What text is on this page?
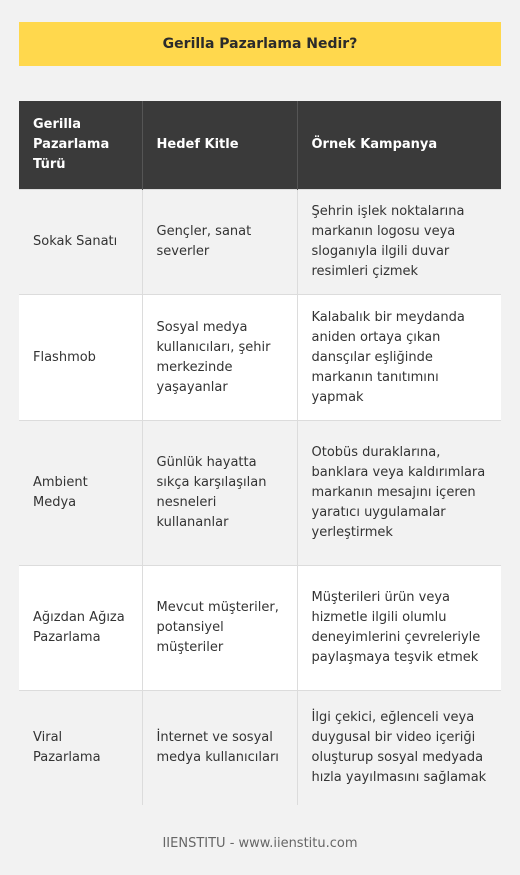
Gerilla Pazarlama Nedir?
Gerilla Pazarlama Türü	Hedef Kitle	Örnek Kampanya
Sokak Sanatı	Gençler, sanat severler	Şehrin işlek noktalarına markanın logosu veya sloganıyla ilgili duvar resimleri çizmek
Flashmob	Sosyal medya kullanıcıları, şehir merkezinde yaşayanlar	Kalabalık bir meydanda aniden ortaya çıkan dansçılar eşliğinde markanın tanıtımını yapmak
Ambient Medya	Günlük hayatta sıkça karşılaşılan nesneleri kullananlar	Otobüs duraklarına, banklara veya kaldırımlara markanın mesajını içeren yaratıcı uygulamalar yerleştirmek
Ağızdan Ağıza Pazarlama	Mevcut müşteriler, potansiyel müşteriler	Müşterileri ürün veya hizmetle ilgili olumlu deneyimlerini çevreleriyle paylaşmaya teşvik etmek
Viral Pazarlama	İnternet ve sosyal medya kullanıcıları	İlgi çekici, eğlenceli veya duygusal bir video içeriği oluşturup sosyal medyada hızla yayılmasını sağlamak
IIENSTITU - www.iienstitu.com
